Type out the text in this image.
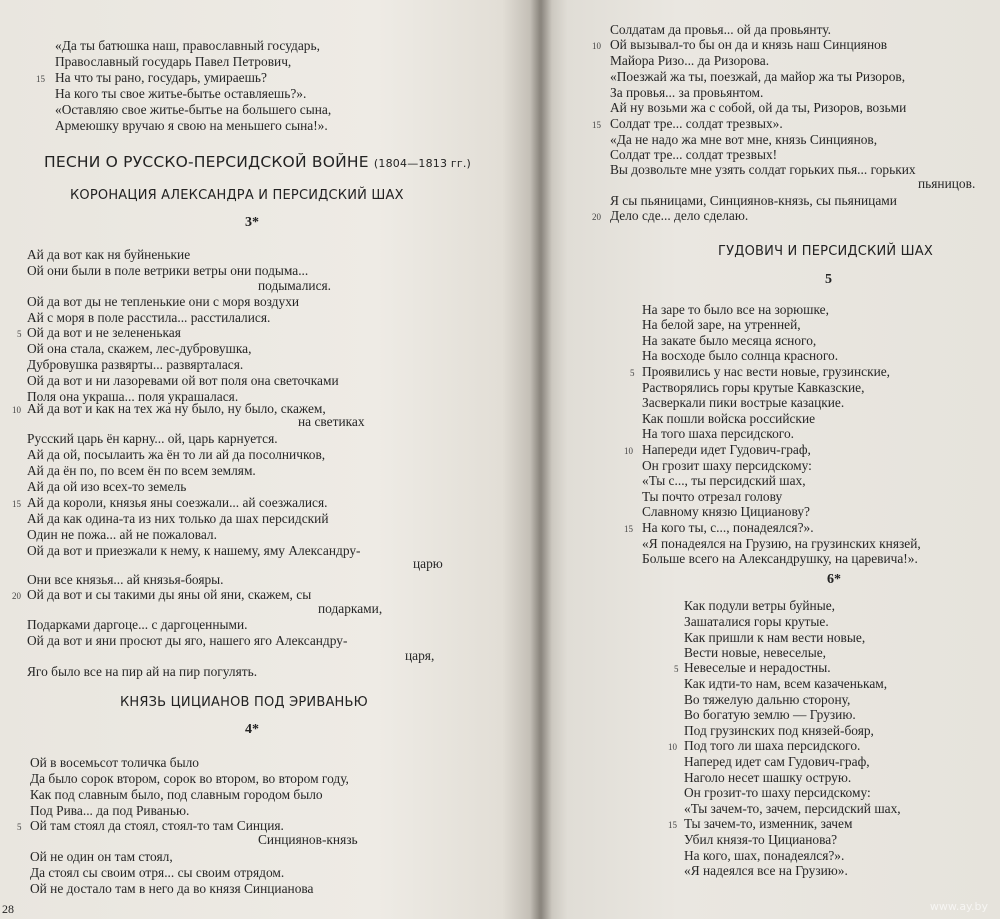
«Да ты батюшка наш, православный государь,
Православный государь Павел Петрович,
15 На что ты рано, государь, умираешь?
На кого ты свое житье-бытье оставляешь?».
«Оставляю свое житье-бытье на большего сына,
Армеюшку вручаю я свою на меньшего сына!».
ПЕСНИ О РУССКО-ПЕРСИДСКОЙ ВОЙНЕ (1804—1813 гг.)
КОРОНАЦИЯ АЛЕКСАНДРА И ПЕРСИДСКИЙ ШАХ
3*
Ай да вот как ня буйненькие
Ой они были в поле ветрики ветры они подыма...
подымалися.
Ой да вот ды не тепленькие они с моря воздухи
Ай с моря в поле расстила... расстилалися.
5 Ой да вот и не зелененькая
Ой она стала, скажем, лес-дубровушка,
Дубровушка развярты... развярталася.
Ой да вот и ни лазоревами ой вот поля она светочками
Поля она украша... поля украшалася.
10 Ай да вот и как на тех жа ну было, ну было, скажем,
на светиках
Русский царь ён карну... ой, царь карнуется.
Ай да ой, посылаить жа ён то ли ай да посолничков,
Ай да ён по, по всем ён по всем землям.
Ай да ой изо всех-то земель
15 Ай да короли, князья яны соезжали... ай соезжалися.
Ай да как одина-та из них только да шах персидский
Один не пожа... ай не пожаловал.
Ой да вот и приезжали к нему, к нашему, яму Александру-
царю
Они все князья... ай князья-бояры.
20 Ой да вот и сы такими ды яны ой яни, скажем, сы
подарками,
Подарками даргоце... с даргоценными.
Ой да вот и яни просют ды яго, нашего яго Александру-
царя,
Яго было все на пир ай на пир погулять.
КНЯЗЬ ЦИЦИАНОВ ПОД ЭРИВАНЬЮ
4*
Ой в восемьсот толичка было
Да было сорок втором, сорок во втором, во втором году,
Как под славным было, под славным городом было
Под Рива... да под Риванью.
5 Ой там стоял да стоял, стоял-то там Синция.
Синциянов-князь
Ой не один он там стоял,
Да стоял сы своим отря... сы своим отрядом.
Ой не достало там в него да во князя Синцианова
28
Солдатам да провья... ой да провьянту.
10 Ой вызывал-то бы он да и князь наш Синциянов
Майора Ризо... да Ризорова.
«Поезжай жа ты, поезжай, да майор жа ты Ризоров,
За провья... за провьянтом.
Ай ну возьми жа с собой, ой да ты, Ризоров, возьми
15 Солдат тре... солдат трезвых».
«Да не надо жа мне вот мне, князь Синциянов,
Солдат тре... солдат трезвых!
Вы дозвольте мне узять солдат горьких пья... горьких
пьяницов.
Я сы пьяницами, Синциянов-князь, сы пьяницами
20 Дело сде... дело сделаю.
ГУДОВИЧ И ПЕРСИДСКИЙ ШАХ
5
На заре то было все на зорюшке,
На белой заре, на утренней,
На закате было месяца ясного,
На восходе было солнца красного.
5 Проявились у нас вести новые, грузинские,
Растворялись горы крутые Кавказские,
Засверкали пики вострые казацкие.
Как пошли войска российские
На того шаха персидского.
10 Напереди идет Гудович-граф,
Он грозит шаху персидскому:
«Ты с..., ты персидский шах,
Ты почто отрезал голову
Славному князю Цицианову?
15 На кого ты, с..., понадеялся?».
«Я понадеялся на Грузию, на грузинских князей,
Больше всего на Александрушку, на царевича!».
6*
Как подули ветры буйные,
Зашаталися горы крутые.
Как пришли к нам вести новые,
Вести новые, невеселые,
5 Невеселые и нерадостны.
Как идти-то нам, всем казаченькам,
Во тяжелую дальню сторону,
Во богатую землю — Грузию.
Под грузинских под князей-бояр,
10 Под того ли шаха персидского.
Наперед идет сам Гудович-граф,
Наголо несет шашку острую.
Он грозит-то шаху персидскому:
«Ты зачем-то, зачем, персидский шах,
15 Ты зачем-то, изменник, зачем
Убил князя-то Цицианова?
На кого, шах, понадеялся?».
«Я надеялся все на Грузию».
www.ay.by
